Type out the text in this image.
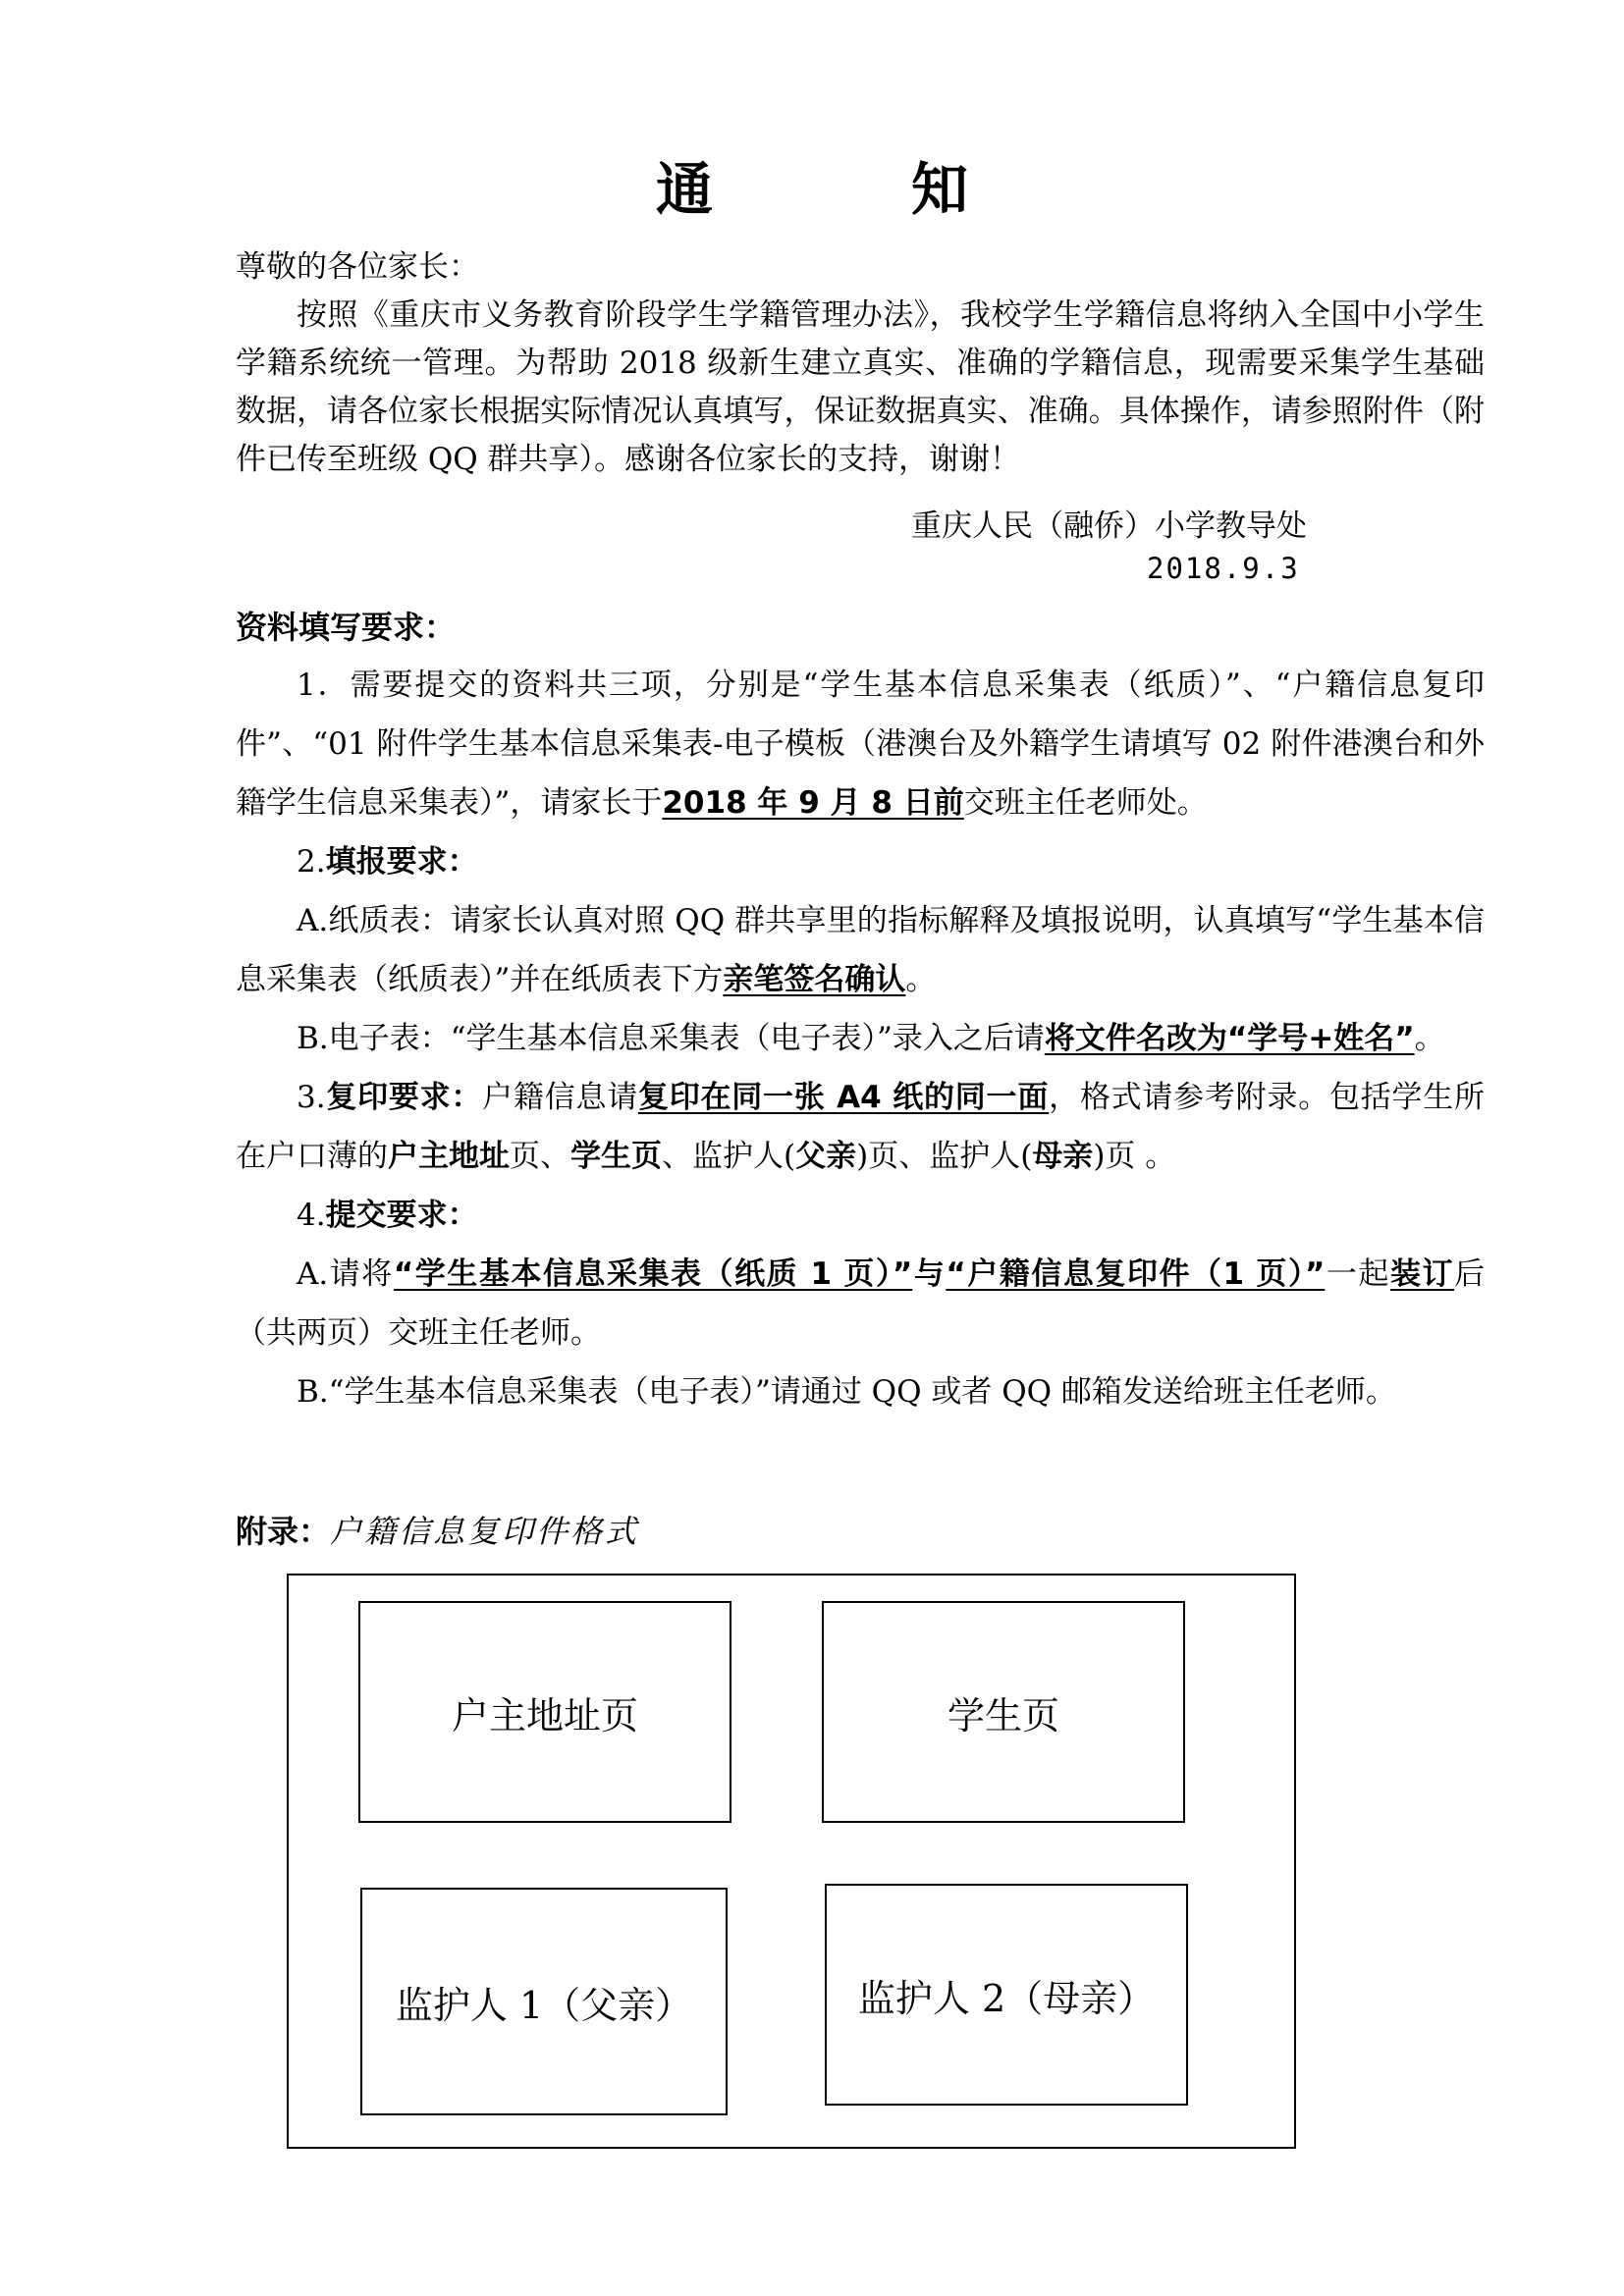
通　知
尊敬的各位家长：
按照《重庆市义务教育阶段学生学籍管理办法》，我校学生学籍信息将纳入全国中小学生学籍系统统一管理。为帮助 2018 级新生建立真实、准确的学籍信息，现需要采集学生基础数据，请各位家长根据实际情况认真填写，保证数据真实、准确。具体操作，请参照附件（附件已传至班级 QQ 群共享）。感谢各位家长的支持，谢谢！
重庆人民（融侨）小学教导处
2018.9.3
资料填写要求：

1．需要提交的资料共三项，分别是“学生基本信息采集表（纸质）”、“户籍信息复印件”、“01 附件学生基本信息采集表-电子模板（港澳台及外籍学生请填写 02 附件港澳台和外籍学生信息采集表）”，请家长于2018 年 9 月 8 日前交班主任老师处。

2.填报要求：

A.纸质表：请家长认真对照 QQ 群共享里的指标解释及填报说明，认真填写“学生基本信息采集表（纸质表）”并在纸质表下方亲笔签名确认。

B.电子表：“学生基本信息采集表（电子表）”录入之后请将文件名改为“学号+姓名”。

3.复印要求：户籍信息请复印在同一张 A4 纸的同一面，格式请参考附录。包括学生所在户口薄的户主地址页、学生页、监护人(父亲)页、监护人(母亲)页 。

4.提交要求：

A.请将“学生基本信息采集表（纸质 1 页）”与“户籍信息复印件（1 页）”一起装订后（共两页）交班主任老师。

B.“学生基本信息采集表（电子表）”请通过 QQ 或者 QQ 邮箱发送给班主任老师。

附录：户籍信息复印件格式
户主地址页	学生页
监护人 1（父亲）	监护人 2（母亲）
